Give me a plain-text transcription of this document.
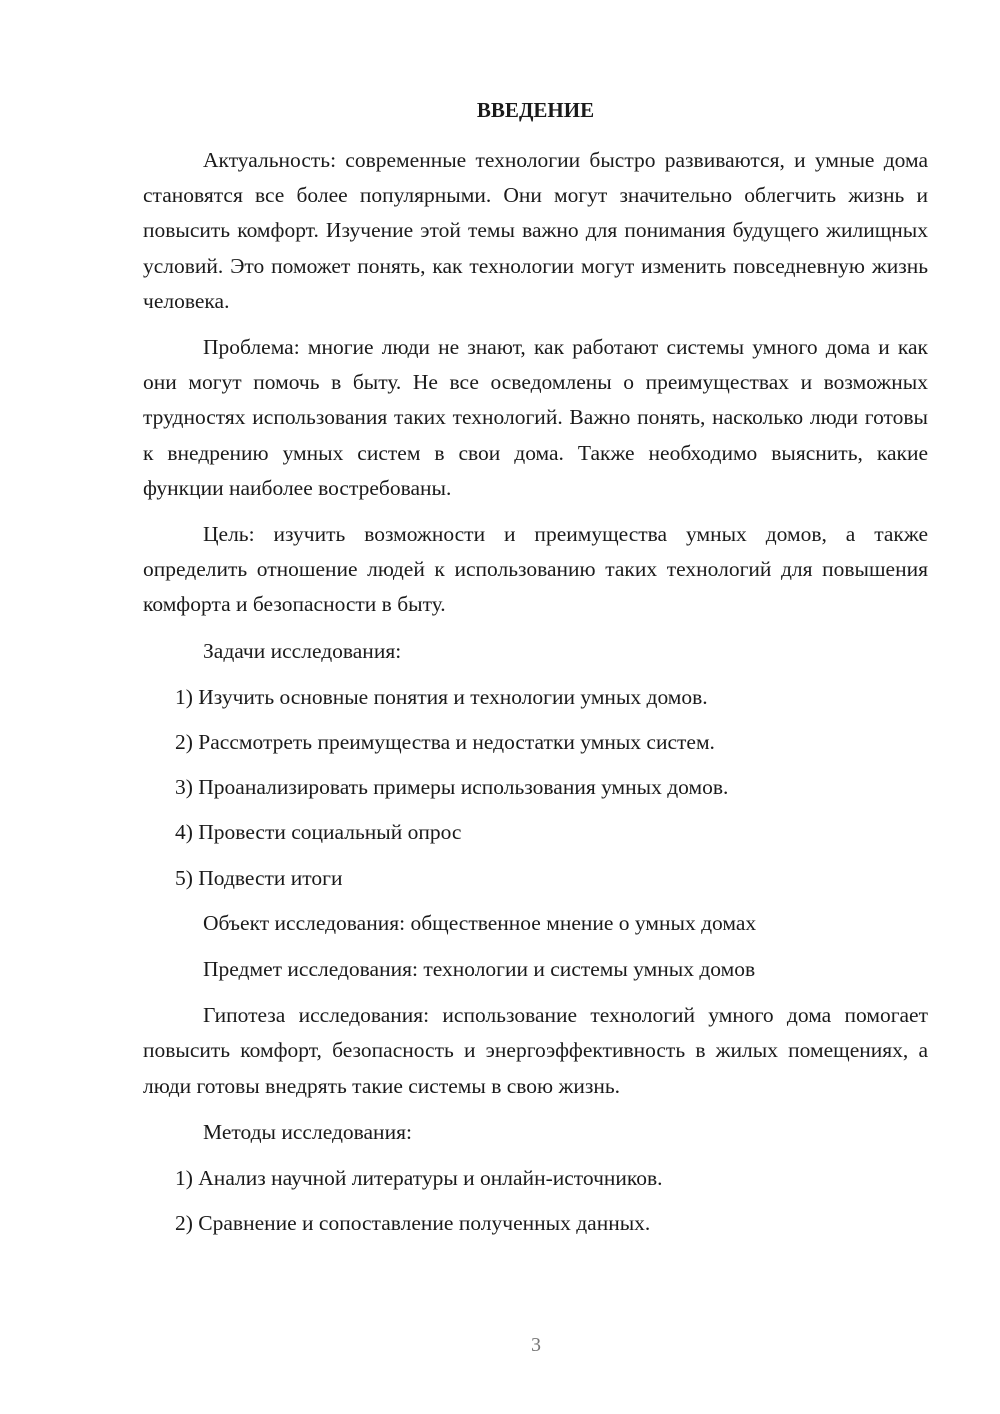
ВВЕДЕНИЕ

Актуальность: современные технологии быстро развиваются, и умные дома становятся все более популярными. Они могут значительно облегчить жизнь и повысить комфорт. Изучение этой темы важно для понимания будущего жилищных условий. Это поможет понять, как технологии могут изменить повседневную жизнь человека.

Проблема: многие люди не знают, как работают системы умного дома и как они могут помочь в быту. Не все осведомлены о преимуществах и возможных трудностях использования таких технологий. Важно понять, насколько люди готовы к внедрению умных систем в свои дома. Также необходимо выяснить, какие функции наиболее востребованы.

Цель: изучить возможности и преимущества умных домов, а также определить отношение людей к использованию таких технологий для повышения комфорта и безопасности в быту.

Задачи исследования:

1) Изучить основные понятия и технологии умных домов.

2) Рассмотреть преимущества и недостатки умных систем.

3) Проанализировать примеры использования умных домов.

4) Провести социальный опрос

5) Подвести итоги

Объект исследования: общественное мнение о умных домах

Предмет исследования: технологии и системы умных домов

Гипотеза исследования: использование технологий умного дома помогает повысить комфорт, безопасность и энергоэффективность в жилых помещениях, а люди готовы внедрять такие системы в свою жизнь.

Методы исследования:

1) Анализ научной литературы и онлайн-источников.

2) Сравнение и сопоставление полученных данных.

3
